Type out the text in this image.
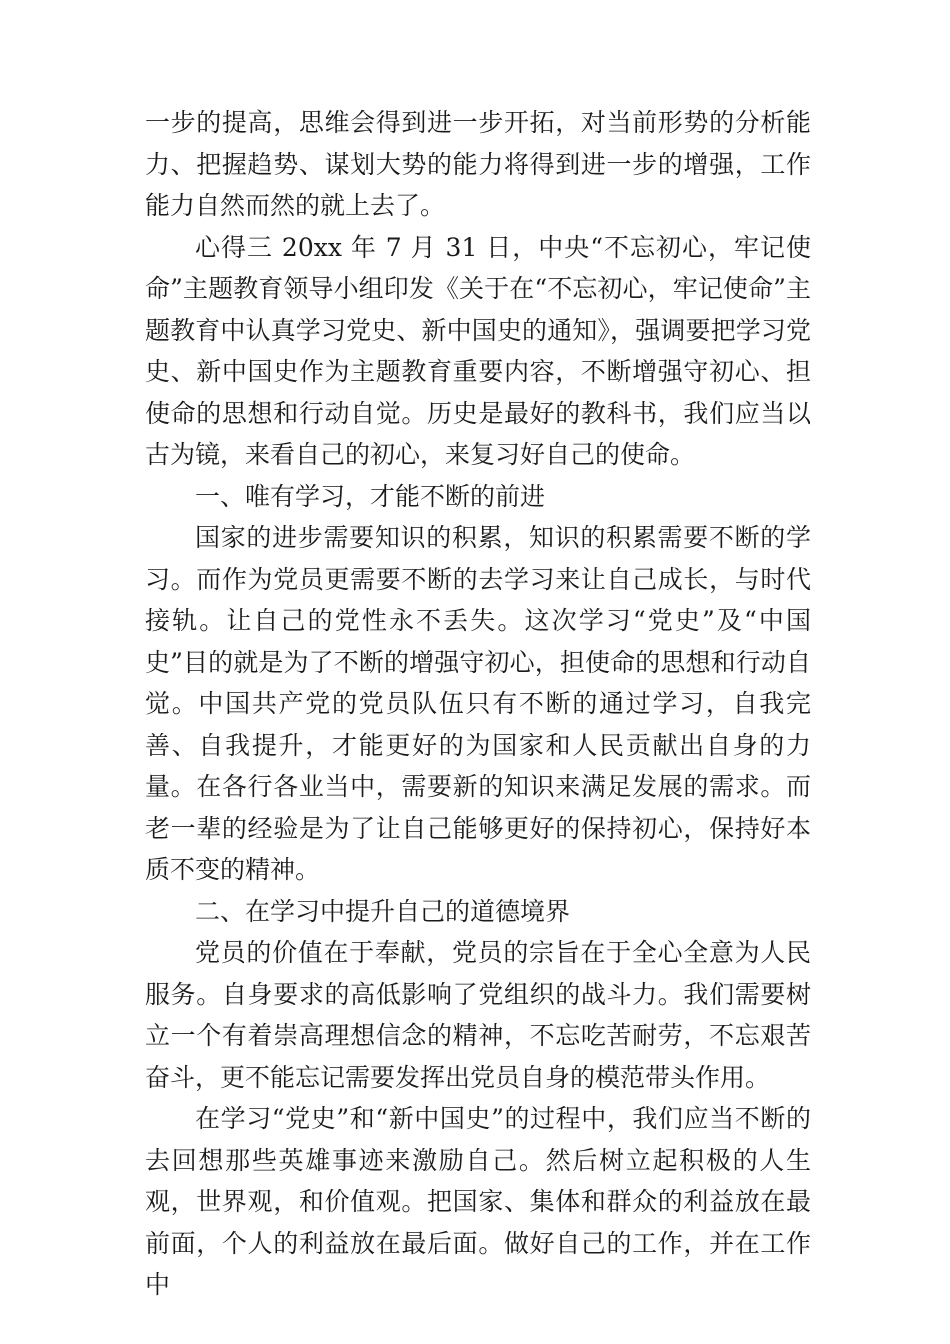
一步的提高，思维会得到进一步开拓，对当前形势的分析能力、把握趋势、谋划大势的能力将得到进一步的增强，工作能力自然而然的就上去了。

心得三 20xx 年 7 月 31 日，中央“不忘初心，牢记使命”主题教育领导小组印发《关于在“不忘初心，牢记使命”主题教育中认真学习党史、新中国史的通知》，强调要把学习党史、新中国史作为主题教育重要内容，不断增强守初心、担使命的思想和行动自觉。历史是最好的教科书，我们应当以古为镜，来看自己的初心，来复习好自己的使命。

一、唯有学习，才能不断的前进

国家的进步需要知识的积累，知识的积累需要不断的学习。而作为党员更需要不断的去学习来让自己成长，与时代接轨。让自己的党性永不丢失。这次学习“党史”及“中国史”目的就是为了不断的增强守初心，担使命的思想和行动自觉。中国共产党的党员队伍只有不断的通过学习，自我完善、自我提升，才能更好的为国家和人民贡献出自身的力量。在各行各业当中，需要新的知识来满足发展的需求。而老一辈的经验是为了让自己能够更好的保持初心，保持好本质不变的精神。

二、在学习中提升自己的道德境界

党员的价值在于奉献，党员的宗旨在于全心全意为人民服务。自身要求的高低影响了党组织的战斗力。我们需要树立一个有着崇高理想信念的精神，不忘吃苦耐劳，不忘艰苦奋斗，更不能忘记需要发挥出党员自身的模范带头作用。

在学习“党史”和“新中国史”的过程中，我们应当不断的去回想那些英雄事迹来激励自己。然后树立起积极的人生观，世界观，和价值观。把国家、集体和群众的利益放在最前面，个人的利益放在最后面。做好自己的工作，并在工作中
